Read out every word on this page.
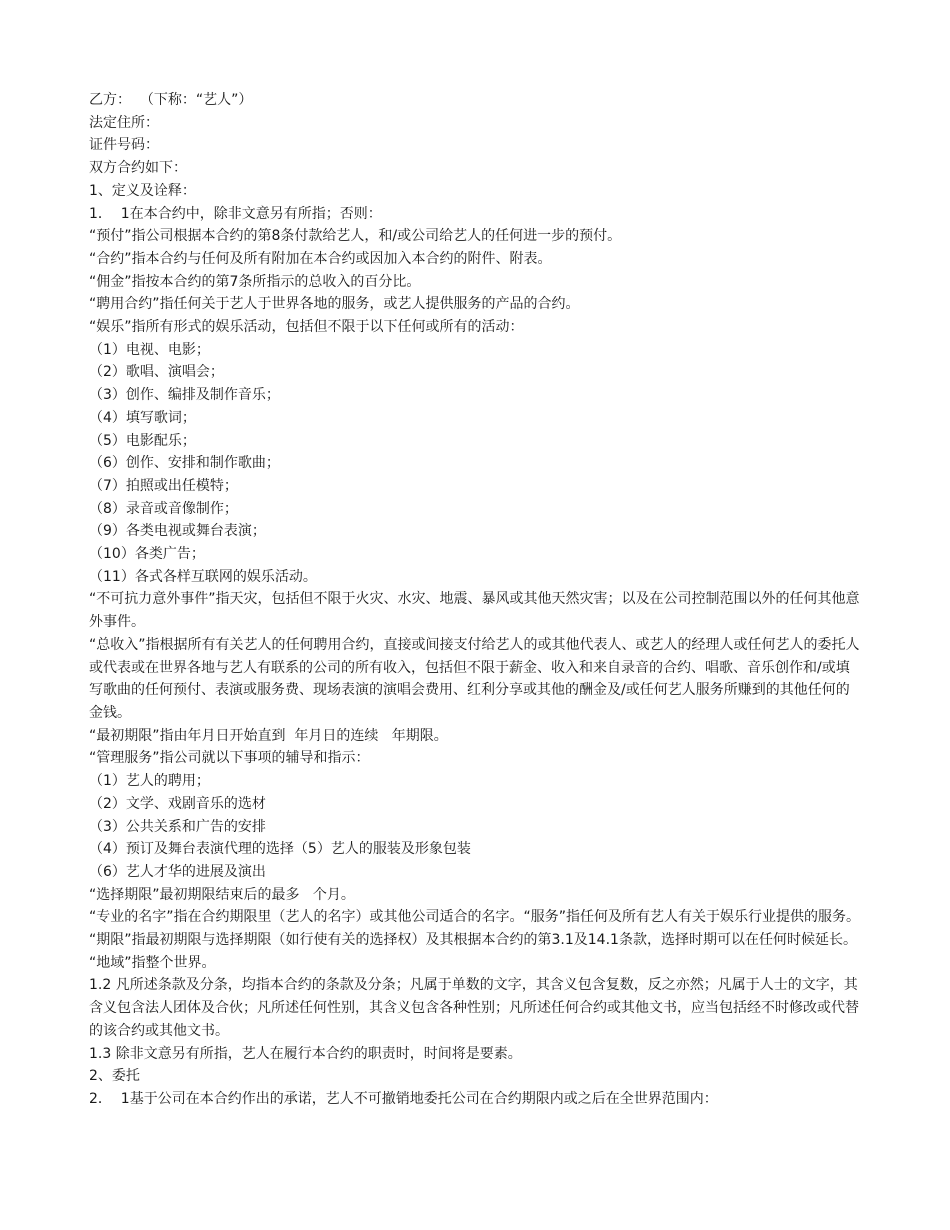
乙方：  （下称：“艺人”）

法定住所：

证件号码：

双方合约如下：

1、定义及诠释：

1．  1在本合约中，除非文意另有所指；否则：

“预付”指公司根据本合约的第8条付款给艺人，和/或公司给艺人的任何进一步的预付。

“合约”指本合约与任何及所有附加在本合约或因加入本合约的附件、附表。

“佣金”指按本合约的第7条所指示的总收入的百分比。

“聘用合约”指任何关于艺人于世界各地的服务，或艺人提供服务的产品的合约。

“娱乐”指所有形式的娱乐活动，包括但不限于以下任何或所有的活动：

（1）电视、电影；

（2）歌唱、演唱会；

（3）创作、编排及制作音乐；

（4）填写歌词；

（5）电影配乐；

（6）创作、安排和制作歌曲；

（7）拍照或出任模特；

（8）录音或音像制作；

（9）各类电视或舞台表演；

（10）各类广告；

（11）各式各样互联网的娱乐活动。

“不可抗力意外事件”指天灾，包括但不限于火灾、水灾、地震、暴风或其他天然灾害；以及在公司控制范围以外的任何其他意外事件。

“总收入”指根据所有有关艺人的任何聘用合约，直接或间接支付给艺人的或其他代表人、或艺人的经理人或任何艺人的委托人或代表或在世界各地与艺人有联系的公司的所有收入，包括但不限于薪金、收入和来自录音的合约、唱歌、音乐创作和/或填写歌曲的任何预付、表演或服务费、现场表演的演唱会费用、红利分享或其他的酬金及/或任何艺人服务所赚到的其他任何的金钱。

“最初期限”指由年月日开始直到  年月日的连续   年期限。

“管理服务”指公司就以下事项的辅导和指示：

（1）艺人的聘用；

（2）文学、戏剧音乐的选材

（3）公共关系和广告的安排

（4）预订及舞台表演代理的选择（5）艺人的服装及形象包装

（6）艺人才华的进展及演出

“选择期限”最初期限结束后的最多   个月。

“专业的名字”指在合约期限里（艺人的名字）或其他公司适合的名字。“服务”指任何及所有艺人有关于娱乐行业提供的服务。

“期限”指最初期限与选择期限（如行使有关的选择权）及其根据本合约的第3.1及14.1条款，选择时期可以在任何时候延长。

“地域”指整个世界。

1.2 凡所述条款及分条，均指本合约的条款及分条；凡属于单数的文字，其含义包含复数，反之亦然；凡属于人士的文字，其含义包含法人团体及合伙；凡所述任何性别，其含义包含各种性别；凡所述任何合约或其他文书，应当包括经不时修改或代替的该合约或其他文书。

1.3 除非文意另有所指，艺人在履行本合约的职责时，时间将是要素。

2、委托

2．  1基于公司在本合约作出的承诺，艺人不可撤销地委托公司在合约期限内或之后在全世界范围内：
